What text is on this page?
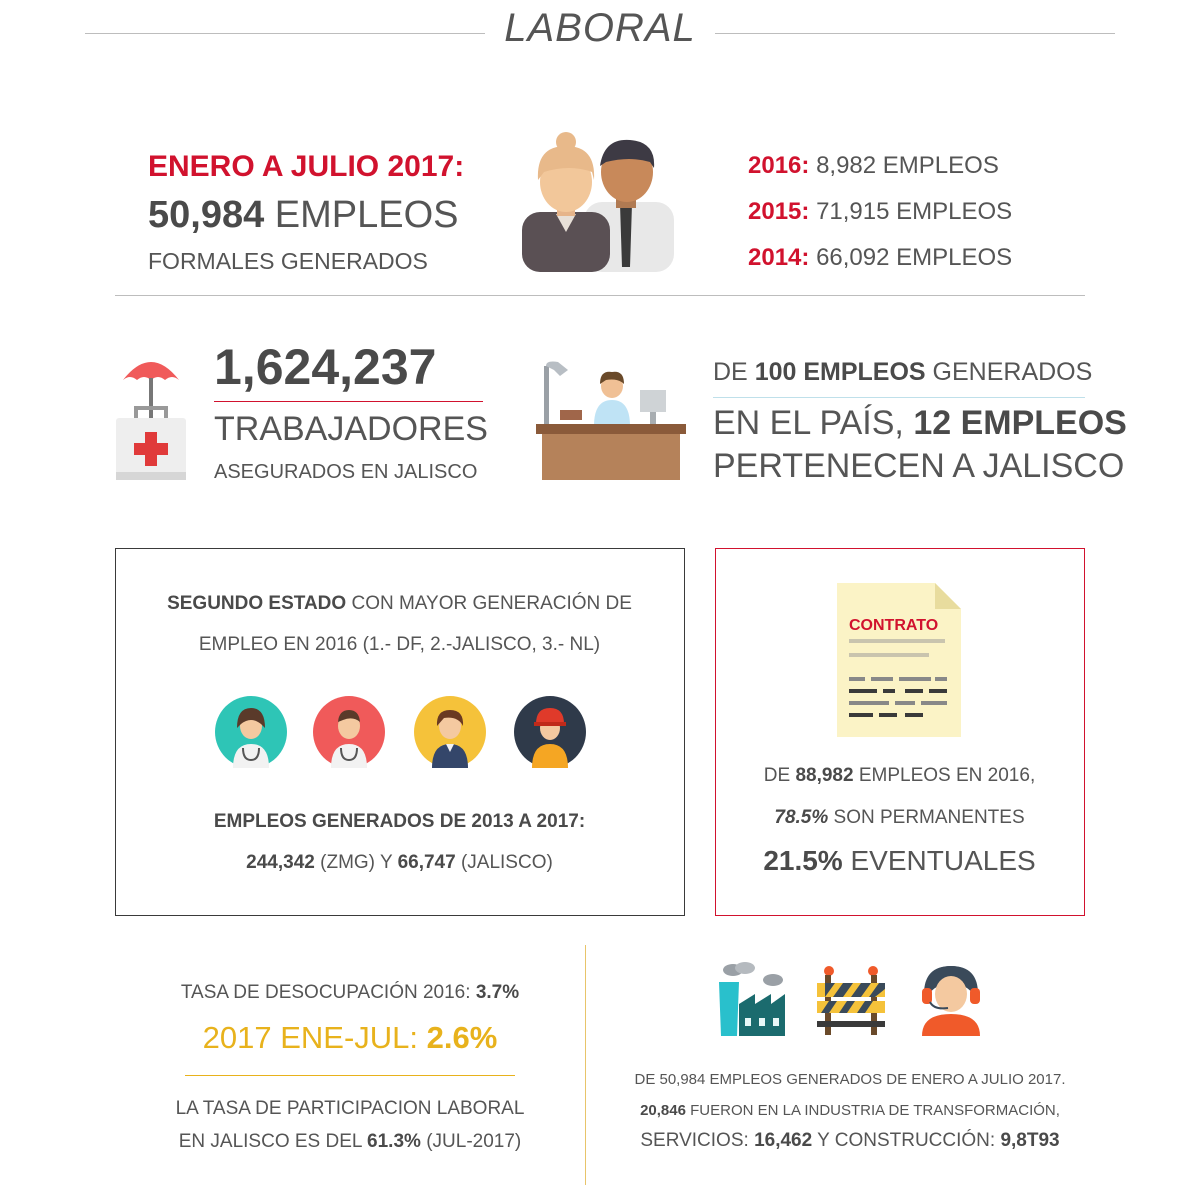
LABORAL
ENERO A JULIO 2017:
50,984 EMPLEOS
FORMALES GENERADOS
2016: 8,982 EMPLEOS
2015: 71,915 EMPLEOS
2014: 66,092 EMPLEOS
1,624,237
TRABAJADORES
ASEGURADOS EN JALISCO
DE 100 EMPLEOS GENERADOS
EN EL PAÍS, 12 EMPLEOS
PERTENECEN A JALISCO
SEGUNDO ESTADO CON MAYOR GENERACIÓN DE
EMPLEO EN 2016 (1.- DF, 2.-JALISCO, 3.- NL)
EMPLEOS GENERADOS DE 2013 A 2017:
244,342 (ZMG) Y 66,747 (JALISCO)
CONTRATO
DE 88,982 EMPLEOS EN 2016,
78.5% SON PERMANENTES
21.5% EVENTUALES
TASA DE DESOCUPACIÓN 2016: 3.7%
2017 ENE-JUL: 2.6%
LA TASA DE PARTICIPACION LABORAL
EN JALISCO ES DEL 61.3% (JUL-2017)
DE 50,984 EMPLEOS GENERADOS DE ENERO A JULIO 2017.
20,846 FUERON EN LA INDUSTRIA DE TRANSFORMACIÓN,
SERVICIOS: 16,462 Y CONSTRUCCIÓN: 9,8T93
